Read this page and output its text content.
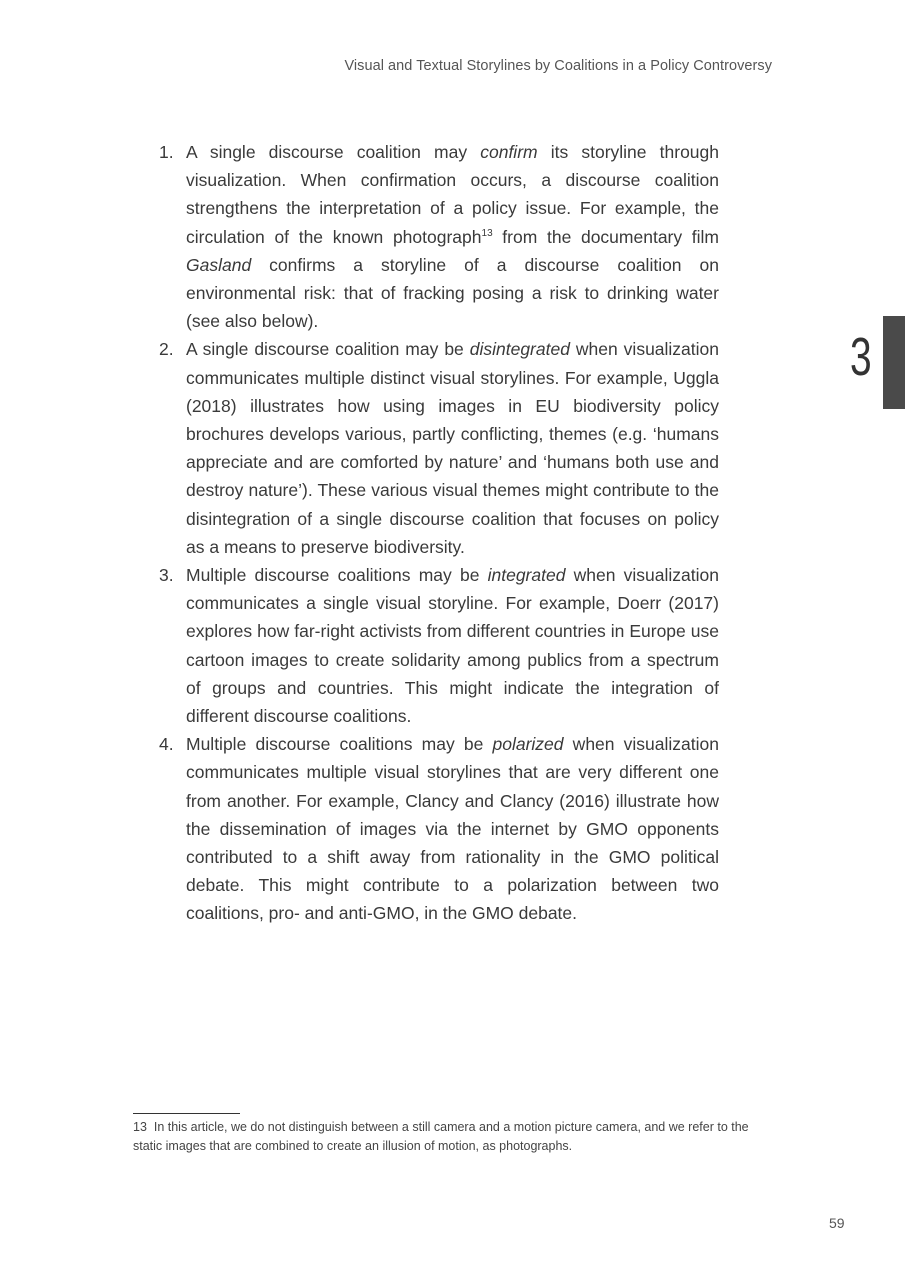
Visual and Textual Storylines by Coalitions in a Policy Controversy
3
1. A single discourse coalition may confirm its storyline through visualization. When confirmation occurs, a discourse coalition strengthens the interpretation of a policy issue. For example, the circulation of the known photograph$^{13}$ from the documentary film Gasland confirms a storyline of a discourse coalition on environmental risk: that of fracking posing a risk to drinking water (see also below).
2. A single discourse coalition may be disintegrated when visualization communicates multiple distinct visual storylines. For example, Uggla (2018) illustrates how using images in EU biodiversity policy brochures develops various, partly conflicting, themes (e.g. ‘humans appreciate and are comforted by nature’ and ‘humans both use and destroy nature’). These various visual themes might contribute to the disintegration of a single discourse coalition that focuses on policy as a means to preserve biodiversity.
3. Multiple discourse coalitions may be integrated when visualization communicates a single visual storyline. For example, Doerr (2017) explores how far-right activists from different countries in Europe use cartoon images to create solidarity among publics from a spectrum of groups and countries. This might indicate the integration of different discourse coalitions.
4. Multiple discourse coalitions may be polarized when visualization communicates multiple visual storylines that are very different one from another. For example, Clancy and Clancy (2016) illustrate how the dissemination of images via the internet by GMO opponents contributed to a shift away from rationality in the GMO political debate. This might contribute to a polarization between two coalitions, pro- and anti-GMO, in the GMO debate.
13 In this article, we do not distinguish between a still camera and a motion picture camera, and we refer to the static images that are combined to create an illusion of motion, as photographs.
59
